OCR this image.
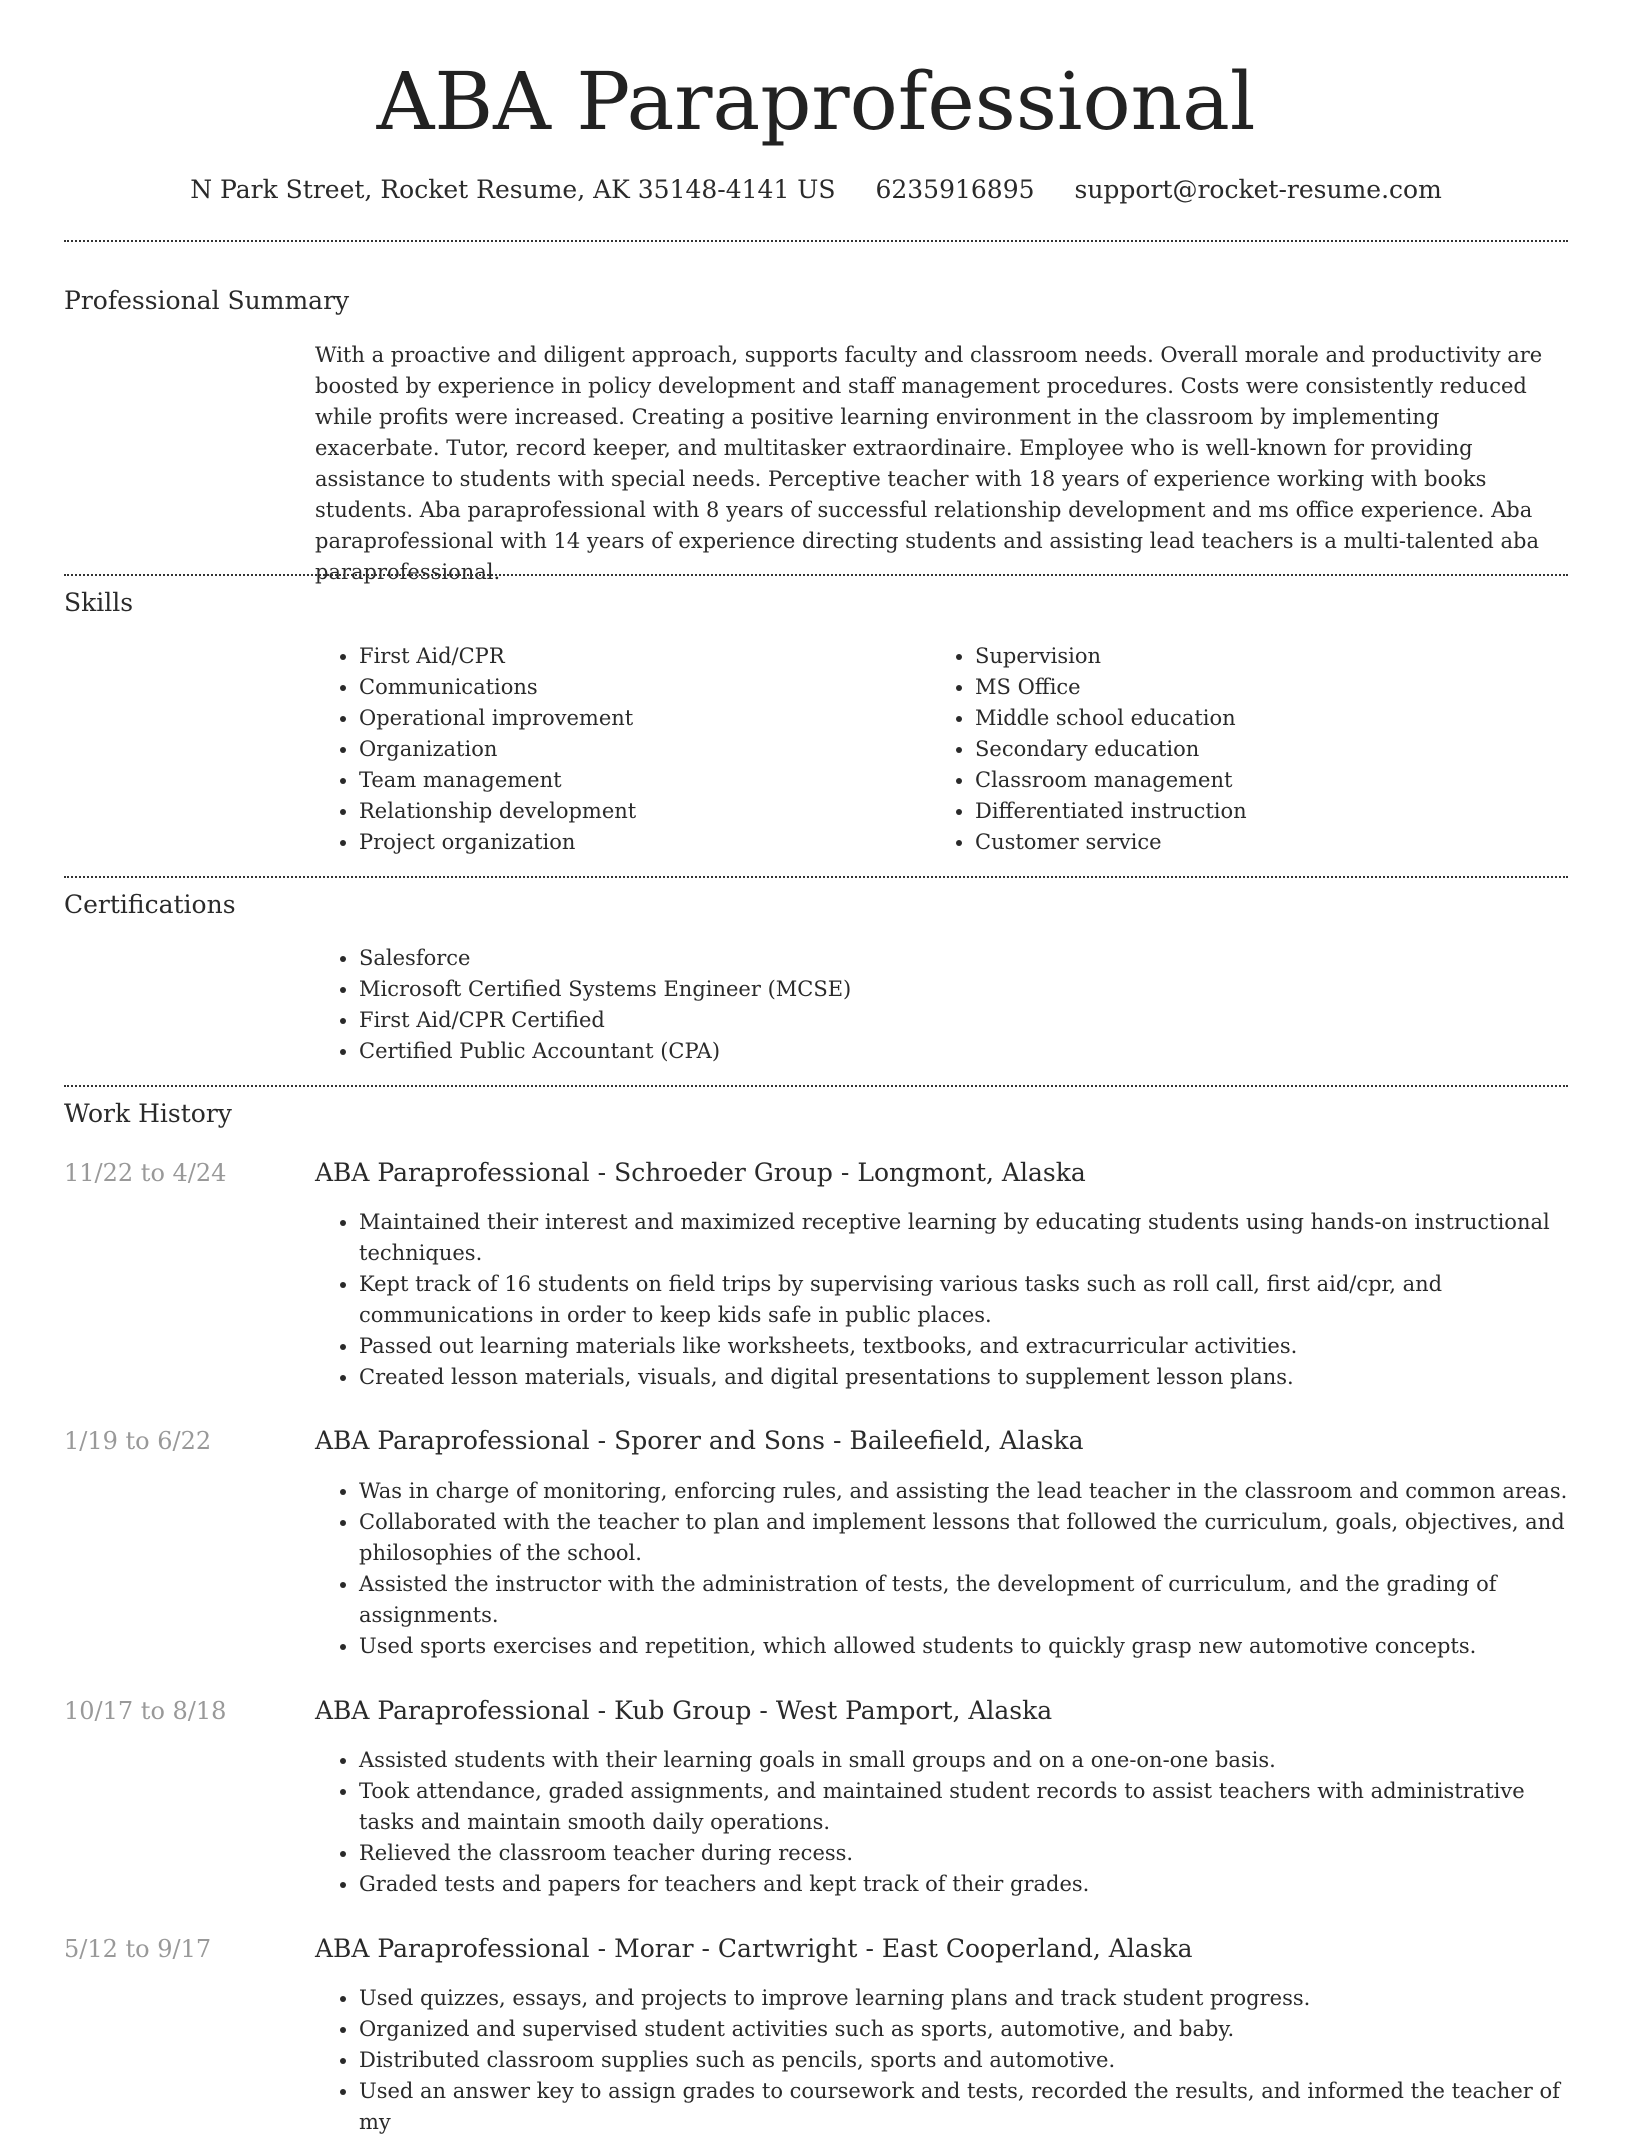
ABA Paraprofessional
N Park Street, Rocket Resume, AK 35148-4141 US 6235916895 support@rocket-resume.com
Professional Summary

With a proactive and diligent approach, supports faculty and classroom needs. Overall morale and productivity are boosted by experience in policy development and staff management procedures. Costs were consistently reduced while profits were increased. Creating a positive learning environment in the classroom by implementing exacerbate. Tutor, record keeper, and multitasker extraordinaire. Employee who is well-known for providing assistance to students with special needs. Perceptive teacher with 18 years of experience working with books students. Aba paraprofessional with 8 years of successful relationship development and ms office experience. Aba paraprofessional with 14 years of experience directing students and assisting lead teachers is a multi-talented aba paraprofessional.

Skills
• First Aid/CPR
• Communications
• Operational improvement
• Organization
• Team management
• Relationship development
• Project organization
• Supervision
• MS Office
• Middle school education
• Secondary education
• Classroom management
• Differentiated instruction
• Customer service
Certifications
• Salesforce
• Microsoft Certified Systems Engineer (MCSE)
• First Aid/CPR Certified
• Certified Public Accountant (CPA)
Work History
11/22 to 4/24	ABA Paraprofessional - Schroeder Group - Longmont, Alaska
• Maintained their interest and maximized receptive learning by educating students using hands-on instructional techniques.
• Kept track of 16 students on field trips by supervising various tasks such as roll call, first aid/cpr, and communications in order to keep kids safe in public places.
• Passed out learning materials like worksheets, textbooks, and extracurricular activities.
• Created lesson materials, visuals, and digital presentations to supplement lesson plans.
1/19 to 6/22	ABA Paraprofessional - Sporer and Sons - Baileefield, Alaska
• Was in charge of monitoring, enforcing rules, and assisting the lead teacher in the classroom and common areas.
• Collaborated with the teacher to plan and implement lessons that followed the curriculum, goals, objectives, and philosophies of the school.
• Assisted the instructor with the administration of tests, the development of curriculum, and the grading of assignments.
• Used sports exercises and repetition, which allowed students to quickly grasp new automotive concepts.
10/17 to 8/18	ABA Paraprofessional - Kub Group - West Pamport, Alaska
• Assisted students with their learning goals in small groups and on a one-on-one basis.
• Took attendance, graded assignments, and maintained student records to assist teachers with administrative tasks and maintain smooth daily operations.
• Relieved the classroom teacher during recess.
• Graded tests and papers for teachers and kept track of their grades.
5/12 to 9/17	ABA Paraprofessional - Morar - Cartwright - East Cooperland, Alaska
• Used quizzes, essays, and projects to improve learning plans and track student progress.
• Organized and supervised student activities such as sports, automotive, and baby.
• Distributed classroom supplies such as pencils, sports and automotive.
• Used an answer key to assign grades to coursework and tests, recorded the results, and informed the teacher of my
